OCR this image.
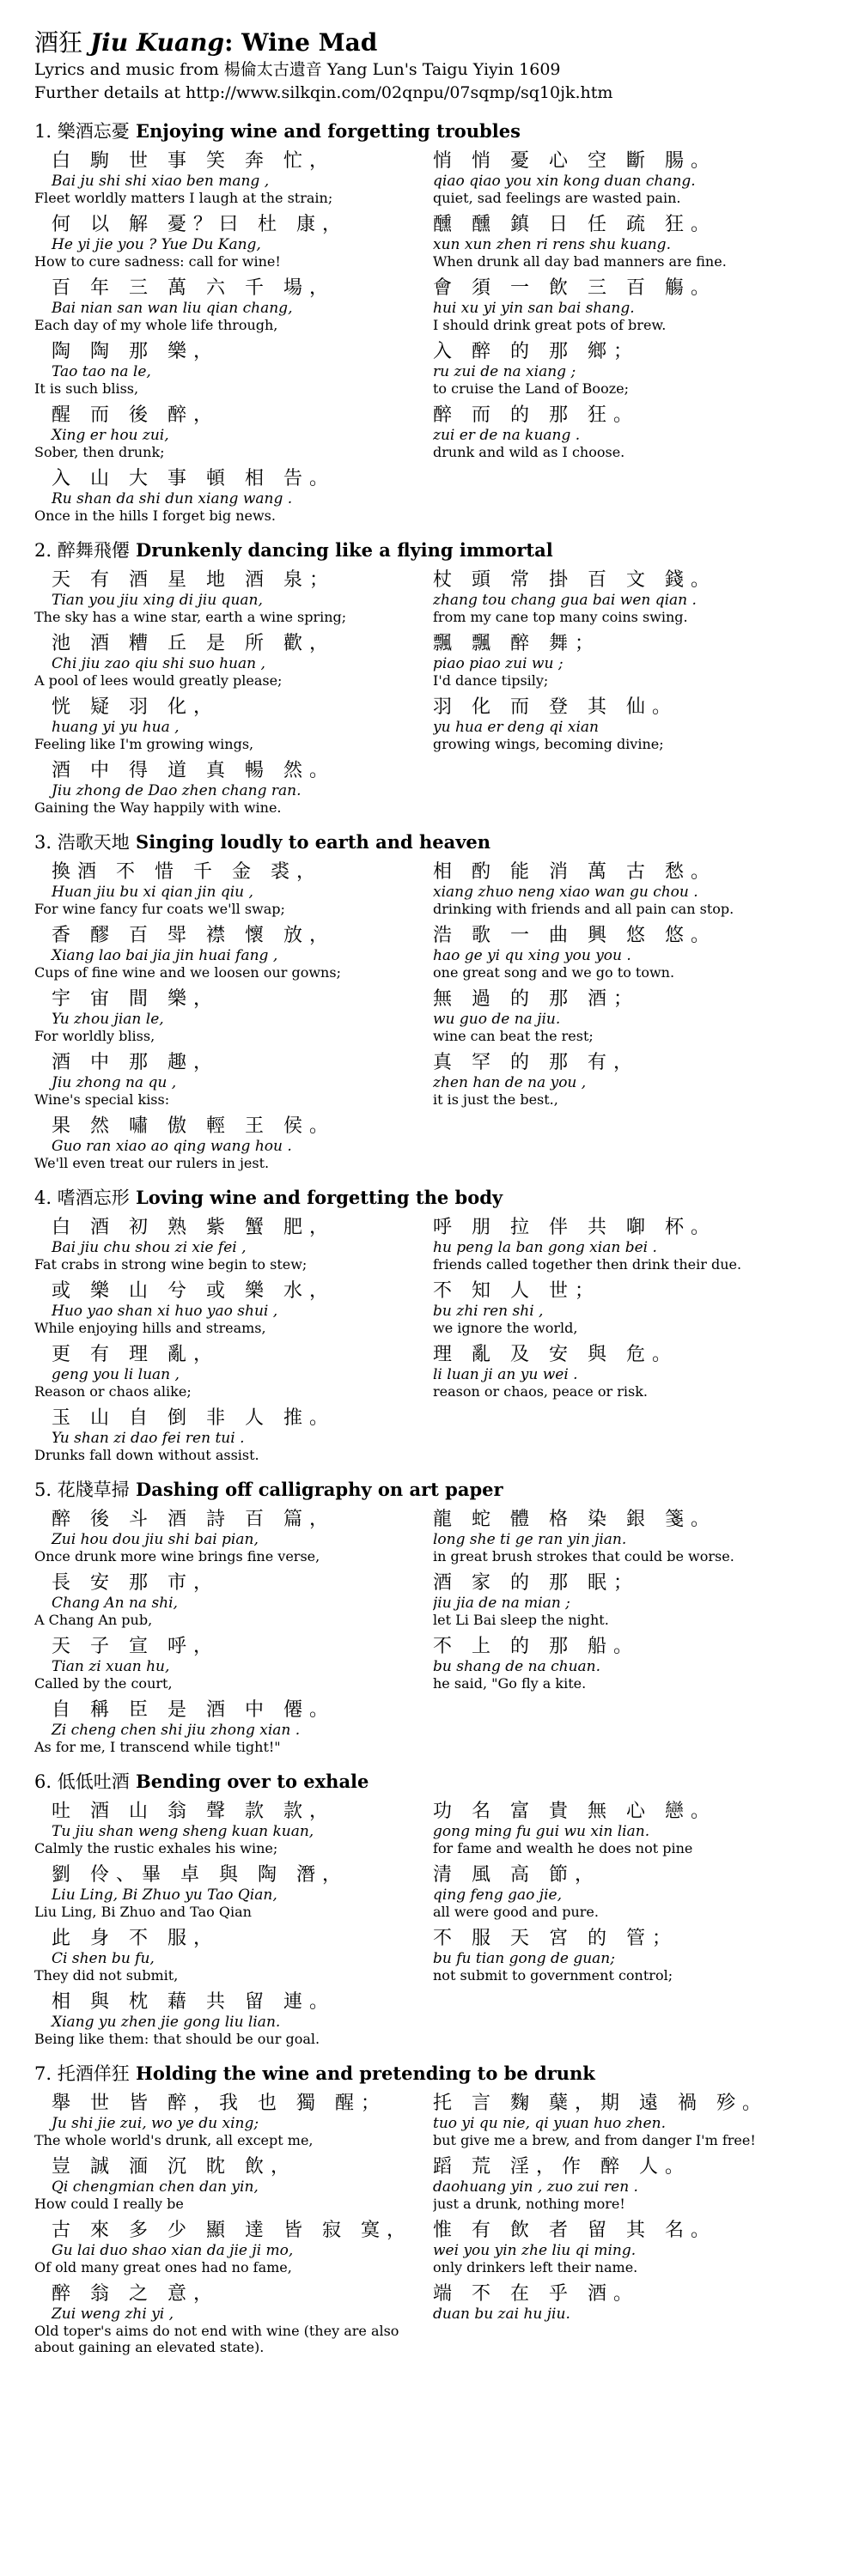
酒狂 Jiu Kuang: Wine Mad
Lyrics and music from 楊倫太古遺音 Yang Lun's Taigu Yiyin 1609
Further details at http://www.silkqin.com/02qnpu/07sqmp/sq10jk.htm
1. 樂酒忘憂 Enjoying wine and forgetting troubles
白 駒 世 事 笑 奔 忙，
Bai ju shi shi xiao ben mang ,
Fleet worldly matters I laugh at the strain;
悄 悄 憂 心 空 斷 腸。
qiao qiao you xin kong duan chang.
quiet, sad feelings are wasted pain.
何 以 解 憂？曰 杜 康，
He yi jie you ? Yue Du Kang,
How to cure sadness: call for wine!
醺 醺 鎮 日 任 疏 狂。
xun xun zhen ri rens shu kuang.
When drunk all day bad manners are fine.
百 年 三 萬 六 千 場，
Bai nian san wan liu qian chang,
Each day of my whole life through,
會 須 一 飲 三 百 觴。
hui xu yi yin san bai shang.
I should drink great pots of brew.
陶 陶 那 樂，
Tao tao na le,
It is such bliss,
入 醉 的 那 鄉；
ru zui de na xiang ;
to cruise the Land of Booze;
醒 而 後 醉，
Xing er hou zui,
Sober, then drunk;
醉 而 的 那 狂。
zui er de na kuang .
drunk and wild as I choose.
入 山 大 事 頓 相 告。
Ru shan da shi dun xiang wang .
Once in the hills I forget big news.
2. 醉舞飛僊 Drunkenly dancing like a flying immortal
天 有 酒 星 地 酒 泉；
Tian you jiu xing di jiu quan,
The sky has a wine star, earth a wine spring;
杖 頭 常 掛 百 文 錢。
zhang tou chang gua bai wen qian .
from my cane top many coins swing.
池 酒 糟 丘 是 所 歡，
Chi jiu zao qiu shi suo huan ,
A pool of lees would greatly please;
飄 飄 醉 舞；
piao piao zui wu ;
I'd dance tipsily;
恍 疑 羽 化，
huang yi yu hua ,
Feeling like I'm growing wings,
羽 化 而 登 其 仙。
yu hua er deng qi xian
growing wings, becoming divine;
酒 中 得 道 真 暢 然。
Jiu zhong de Dao zhen chang ran.
Gaining the Way happily with wine.
3. 浩歌天地 Singing loudly to earth and heaven
換酒 不 惜 千 金 裘，
Huan jiu bu xi qian jin qiu ,
For wine fancy fur coats we'll swap;
相 酌 能 消 萬 古 愁。
xiang zhuo neng xiao wan gu chou .
drinking with friends and all pain can stop.
香 醪 百 斝 襟 懷 放，
Xiang lao bai jia jin huai fang ,
Cups of fine wine and we loosen our gowns;
浩 歌 一 曲 興 悠 悠。
hao ge yi qu xing you you .
one great song and we go to town.
宇 宙 間 樂，
Yu zhou jian le,
For worldly bliss,
無 過 的 那 酒；
wu guo de na jiu.
wine can beat the rest;
酒 中 那 趣，
Jiu zhong na qu ,
Wine's special kiss:
真 罕 的 那 有，
zhen han de na you ,
it is just the best.,
果 然 嘯 傲 輕 王 侯。
Guo ran xiao ao qing wang hou .
We'll even treat our rulers in jest.
4. 嗜酒忘形 Loving wine and forgetting the body
白 酒 初 熟 紫 蟹 肥，
Bai jiu chu shou zi xie fei ,
Fat crabs in strong wine begin to stew;
呼 朋 拉 伴 共 啣 杯。
hu peng la ban gong xian bei .
friends called together then drink their due.
或 樂 山 兮 或 樂 水，
Huo yao shan xi huo yao shui ,
While enjoying hills and streams,
不 知 人 世；
bu zhi ren shi ,
we ignore the world,
更 有 理 亂，
geng you li luan ,
Reason or chaos alike;
理 亂 及 安 與 危。
li luan ji an yu wei .
reason or chaos, peace or risk.
玉 山 自 倒 非 人 推。
Yu shan zi dao fei ren tui .
Drunks fall down without assist.
5. 花牋草掃 Dashing off calligraphy on art paper
醉 後 斗 酒 詩 百 篇，
Zui hou dou jiu shi bai pian,
Once drunk more wine brings fine verse,
龍 蛇 體 格 染 銀 箋。
long she ti ge ran yin jian.
in great brush strokes that could be worse.
長 安 那 市，
Chang An na shi,
A Chang An pub,
酒 家 的 那 眠；
jiu jia de na mian ;
let Li Bai sleep the night.
天 子 宣 呼，
Tian zi xuan hu,
Called by the court,
不 上 的 那 船。
bu shang de na chuan.
he said, "Go fly a kite.
自 稱 臣 是 酒 中 僊。
Zi cheng chen shi jiu zhong xian .
As for me, I transcend while tight!"
6. 低低吐酒 Bending over to exhale
吐 酒 山 翁 聲 款 款，
Tu jiu shan weng sheng kuan kuan,
Calmly the rustic exhales his wine;
功 名 富 貴 無 心 戀。
gong ming fu gui wu xin lian.
for fame and wealth he does not pine
劉 伶、畢 卓 與 陶 潛，
Liu Ling, Bi Zhuo yu Tao Qian,
Liu Ling, Bi Zhuo and Tao Qian
清 風 高 節，
qing feng gao jie,
all were good and pure.
此 身 不 服，
Ci shen bu fu,
They did not submit,
不 服 天 宮 的 管；
bu fu tian gong de guan;
not submit to government control;
相 與 枕 藉 共 留 連。
Xiang yu zhen jie gong liu lian.
Being like them: that should be our goal.
7. 托酒佯狂 Holding the wine and pretending to be drunk
舉 世 皆 醉，我 也 獨 醒；
Ju shi jie zui, wo ye du xing;
The whole world's drunk, all except me,
托 言 麴 蘖，期 遠 禍 殄。
tuo yi qu nie, qi yuan huo zhen.
but give me a brew, and from danger I'm free!
豈 誠 湎 沉 眈 飲，
Qi chengmian chen dan yin,
How could I really be
蹈 荒 淫，作 醉 人。
daohuang yin , zuo zui ren .
just a drunk, nothing more!
古 來 多 少 顯 達 皆 寂 寞，
Gu lai duo shao xian da jie ji mo,
Of old many great ones had no fame,
惟 有 飲 者 留 其 名。
wei you yin zhe liu qi ming.
only drinkers left their name.
醉 翁 之 意，
Zui weng zhi yi ,
Old toper's aims do not end with wine (they are also about gaining an elevated state).
端 不 在 乎 酒。
duan bu zai hu jiu.
